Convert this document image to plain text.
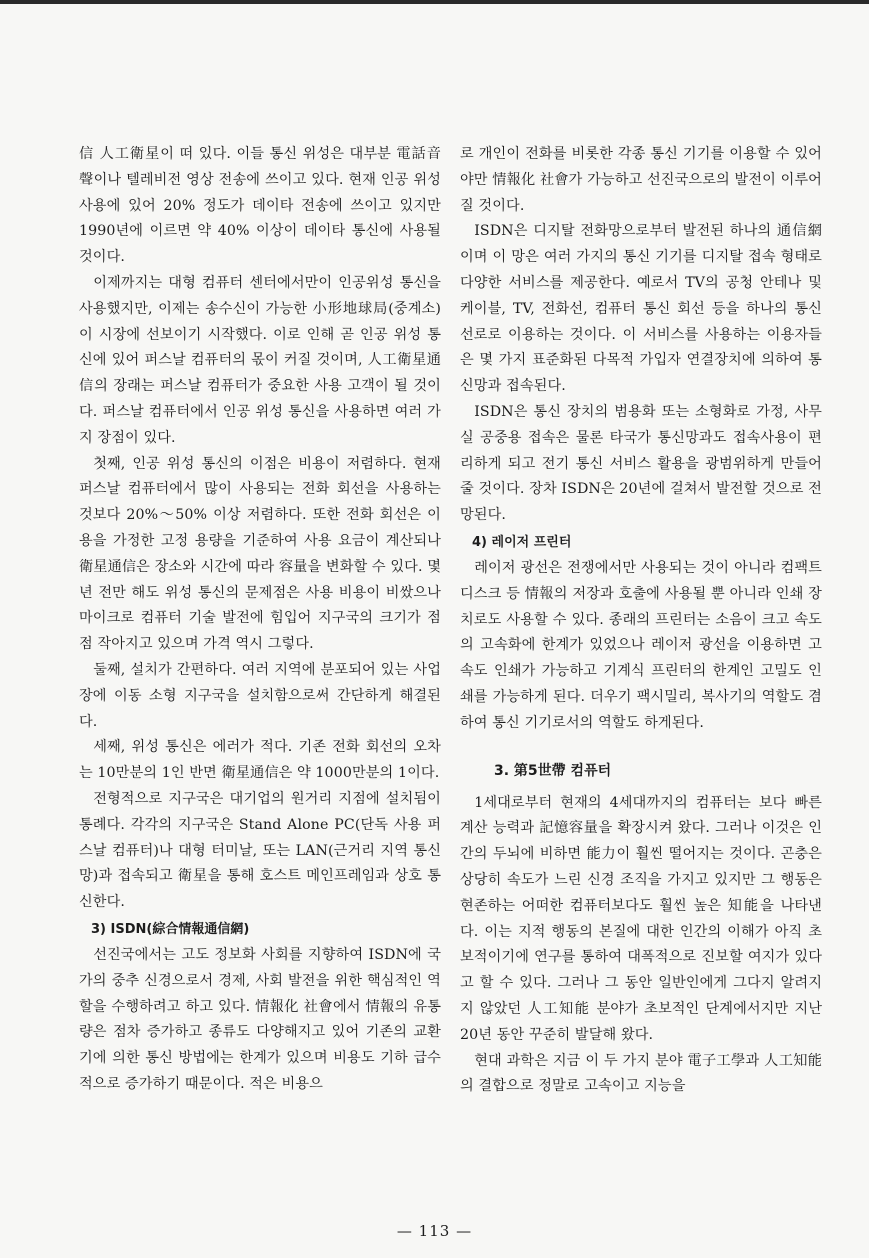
信 人工衛星이 떠 있다. 이들 통신 위성은 대부분 電話音聲이나 텔레비전 영상 전송에 쓰이고 있다. 현재 인공 위성 사용에 있어 20% 정도가 데이타 전송에 쓰이고 있지만 1990년에 이르면 약 40% 이상이 데이타 통신에 사용될 것이다.

이제까지는 대형 컴퓨터 센터에서만이 인공위성 통신을 사용했지만, 이제는 송수신이 가능한 小形地球局(중계소)이 시장에 선보이기 시작했다. 이로 인해 곧 인공 위성 통신에 있어 퍼스날 컴퓨터의 몫이 커질 것이며, 人工衛星通信의 장래는 퍼스날 컴퓨터가 중요한 사용 고객이 될 것이다. 퍼스날 컴퓨터에서 인공 위성 통신을 사용하면 여러 가지 장점이 있다.

첫째, 인공 위성 통신의 이점은 비용이 저렴하다. 현재 퍼스날 컴퓨터에서 많이 사용되는 전화 회선을 사용하는 것보다 20%～50% 이상 저렴하다. 또한 전화 회선은 이용을 가정한 고정 용량을 기준하여 사용 요금이 계산되나 衛星通信은 장소와 시간에 따라 容量을 변화할 수 있다. 몇년 전만 해도 위성 통신의 문제점은 사용 비용이 비쌌으나 마이크로 컴퓨터 기술 발전에 힘입어 지구국의 크기가 점점 작아지고 있으며 가격 역시 그렇다.

둘째, 설치가 간편하다. 여러 지역에 분포되어 있는 사업장에 이동 소형 지구국을 설치함으로써 간단하게 해결된다.

세째, 위성 통신은 에러가 적다. 기존 전화 회선의 오차는 10만분의 1인 반면 衛星通信은 약 1000만분의 1이다.

전형적으로 지구국은 대기업의 원거리 지점에 설치됨이 통례다. 각각의 지구국은 Stand Alone PC(단독 사용 퍼스날 컴퓨터)나 대형 터미날, 또는 LAN(근거리 지역 통신망)과 접속되고 衛星을 통해 호스트 메인프레임과 상호 통신한다.

3) ISDN(綜合情報通信網)

선진국에서는 고도 정보화 사회를 지향하여 ISDN에 국가의 중추 신경으로서 경제, 사회 발전을 위한 핵심적인 역할을 수행하려고 하고 있다. 情報化 社會에서 情報의 유통량은 점차 증가하고 종류도 다양해지고 있어 기존의 교환기에 의한 통신 방법에는 한계가 있으며 비용도 기하 급수적으로 증가하기 때문이다. 적은 비용으

로 개인이 전화를 비롯한 각종 통신 기기를 이용할 수 있어야만 情報化 社會가 가능하고 선진국으로의 발전이 이루어질 것이다.

ISDN은 디지탈 전화망으로부터 발전된 하나의 通信網이며 이 망은 여러 가지의 통신 기기를 디지탈 접속 형태로 다양한 서비스를 제공한다. 예로서 TV의 공청 안테나 및 케이블, TV, 전화선, 컴퓨터 통신 회선 등을 하나의 통신 선로로 이용하는 것이다. 이 서비스를 사용하는 이용자들은 몇 가지 표준화된 다목적 가입자 연결장치에 의하여 통신망과 접속된다.

ISDN은 통신 장치의 범용화 또는 소형화로 가정, 사무실 공중용 접속은 물론 타국가 통신망과도 접속사용이 편리하게 되고 전기 통신 서비스 활용을 광범위하게 만들어 줄 것이다. 장차 ISDN은 20년에 걸쳐서 발전할 것으로 전망된다.

4) 레이저 프린터

레이저 광선은 전쟁에서만 사용되는 것이 아니라 컴팩트 디스크 등 情報의 저장과 호출에 사용될 뿐 아니라 인쇄 장치로도 사용할 수 있다. 종래의 프린터는 소음이 크고 속도의 고속화에 한계가 있었으나 레이저 광선을 이용하면 고속도 인쇄가 가능하고 기계식 프린터의 한계인 고밀도 인쇄를 가능하게 된다. 더우기 팩시밀리, 복사기의 역할도 겸하여 통신 기기로서의 역할도 하게된다.

3. 第5世帶 컴퓨터

1세대로부터 현재의 4세대까지의 컴퓨터는 보다 빠른 계산 능력과 記憶容量을 확장시켜 왔다. 그러나 이것은 인간의 두뇌에 비하면 能力이 훨씬 떨어지는 것이다. 곤충은 상당히 속도가 느린 신경 조직을 가지고 있지만 그 행동은 현존하는 어떠한 컴퓨터보다도 훨씬 높은 知能을 나타낸다. 이는 지적 행동의 본질에 대한 인간의 이해가 아직 초보적이기에 연구를 통하여 대폭적으로 진보할 여지가 있다고 할 수 있다. 그러나 그 동안 일반인에게 그다지 알려지지 않았던 人工知能 분야가 초보적인 단계에서지만 지난 20년 동안 꾸준히 발달해 왔다.

현대 과학은 지금 이 두 가지 분야 電子工學과 人工知能의 결합으로 정말로 고속이고 지능을

— 113 —
